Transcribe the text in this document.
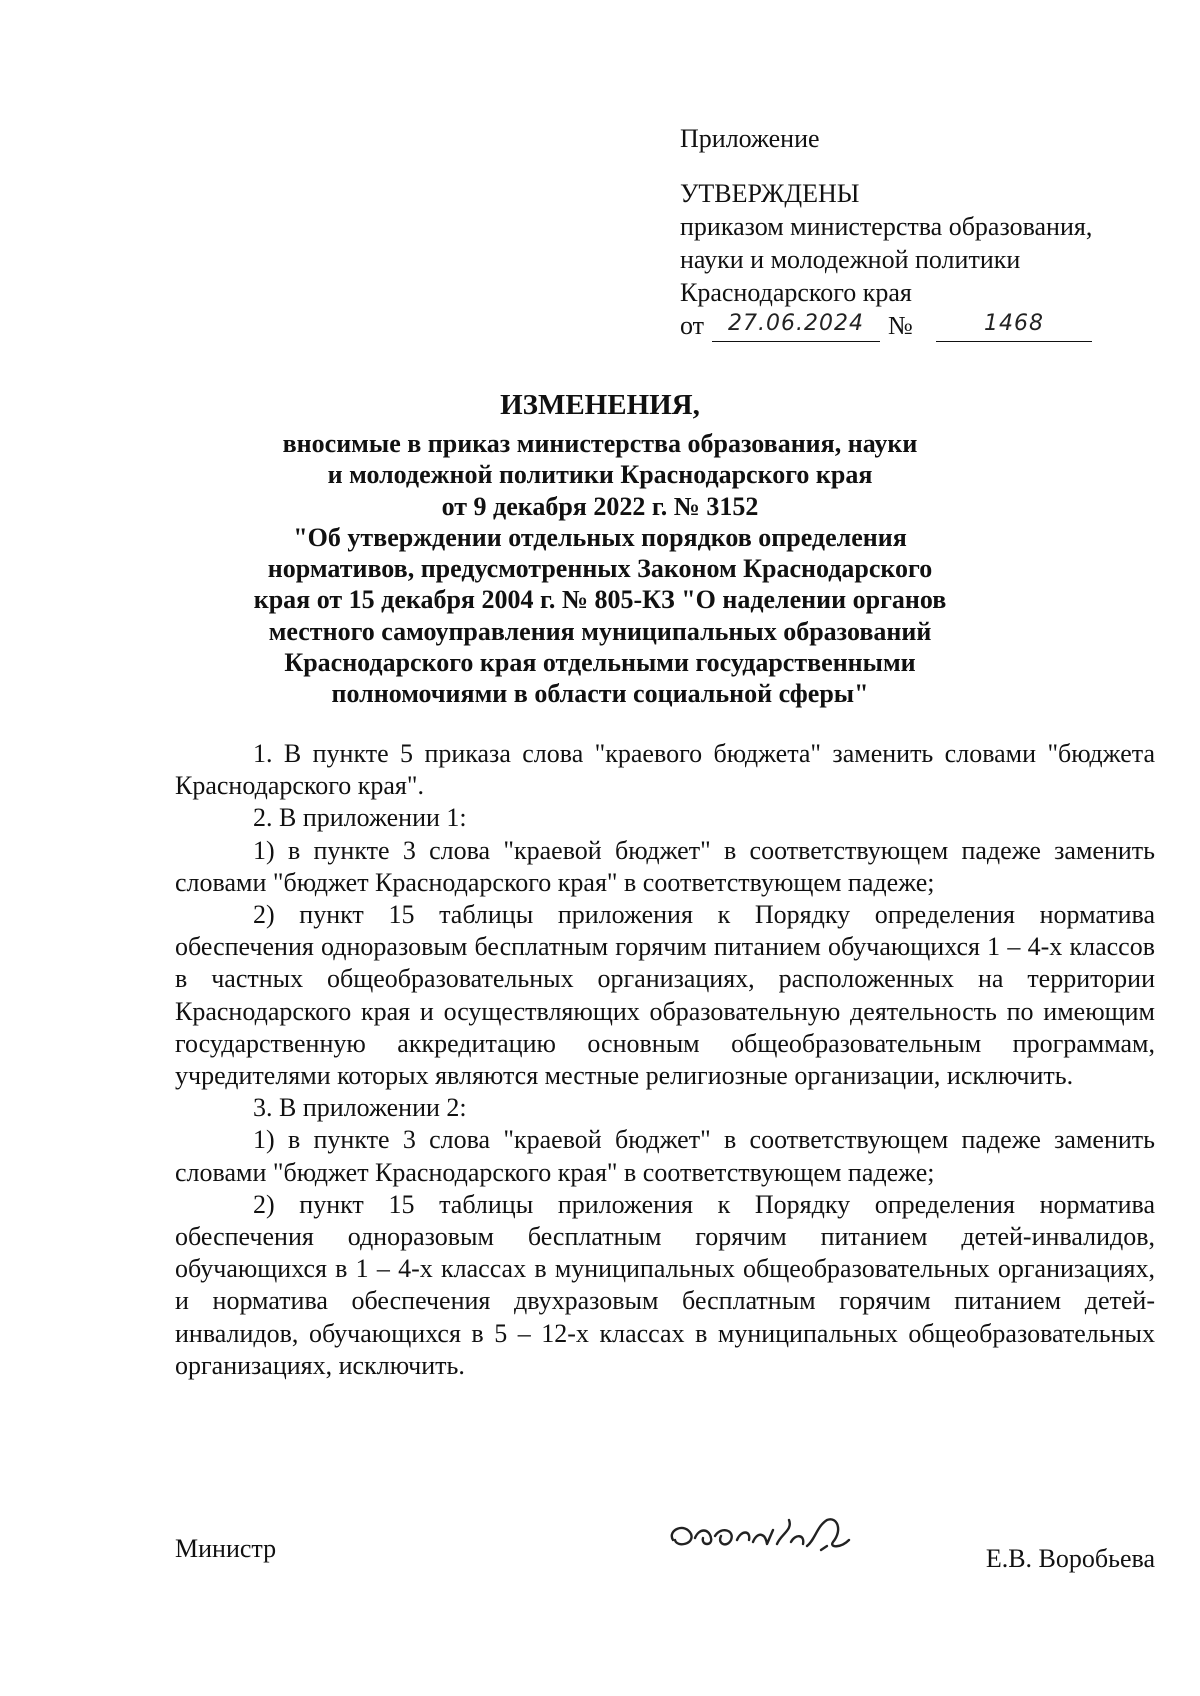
Приложение
УТВЕРЖДЕНЫ
приказом министерства образования,
науки и молодежной политики
Краснодарского края
от	27.06.2024 №	1468
ИЗМЕНЕНИЯ,

вносимые в приказ министерства образования, науки

и молодежной политики Краснодарского края

от 9 декабря 2022 г. № 3152

"Об утверждении отдельных порядков определения

нормативов, предусмотренных Законом Краснодарского

края от 15 декабря 2004 г. № 805-КЗ "О наделении органов

местного самоуправления муниципальных образований

Краснодарского края отдельными государственными

полномочиями в области социальной сферы"

1. В пункте 5 приказа слова "краевого бюджета" заменить словами "бюджета Краснодарского края".

2. В приложении 1:

1) в пункте 3 слова "краевой бюджет" в соответствующем падеже заменить словами "бюджет Краснодарского края" в соответствующем падеже;

2) пункт 15 таблицы приложения к Порядку определения норматива обеспечения одноразовым бесплатным горячим питанием обучающихся 1 – 4-х классов в частных общеобразовательных организациях, расположенных на территории Краснодарского края и осуществляющих образовательную деятельность по имеющим государственную аккредитацию основным общеобразовательным программам, учредителями которых являются местные религиозные организации, исключить.

3. В приложении 2:

1) в пункте 3 слова "краевой бюджет" в соответствующем падеже заменить словами "бюджет Краснодарского края" в соответствующем падеже;

2) пункт 15 таблицы приложения к Порядку определения норматива обеспечения одноразовым бесплатным горячим питанием детей-инвалидов, обучающихся в 1 – 4-х классах в муниципальных общеобразовательных организациях, и норматива обеспечения двухразовым бесплатным горячим питанием детей-инвалидов, обучающихся в 5 – 12-х классах в муниципальных общеобразовательных организациях, исключить.

Министр	Е.В. Воробьева
